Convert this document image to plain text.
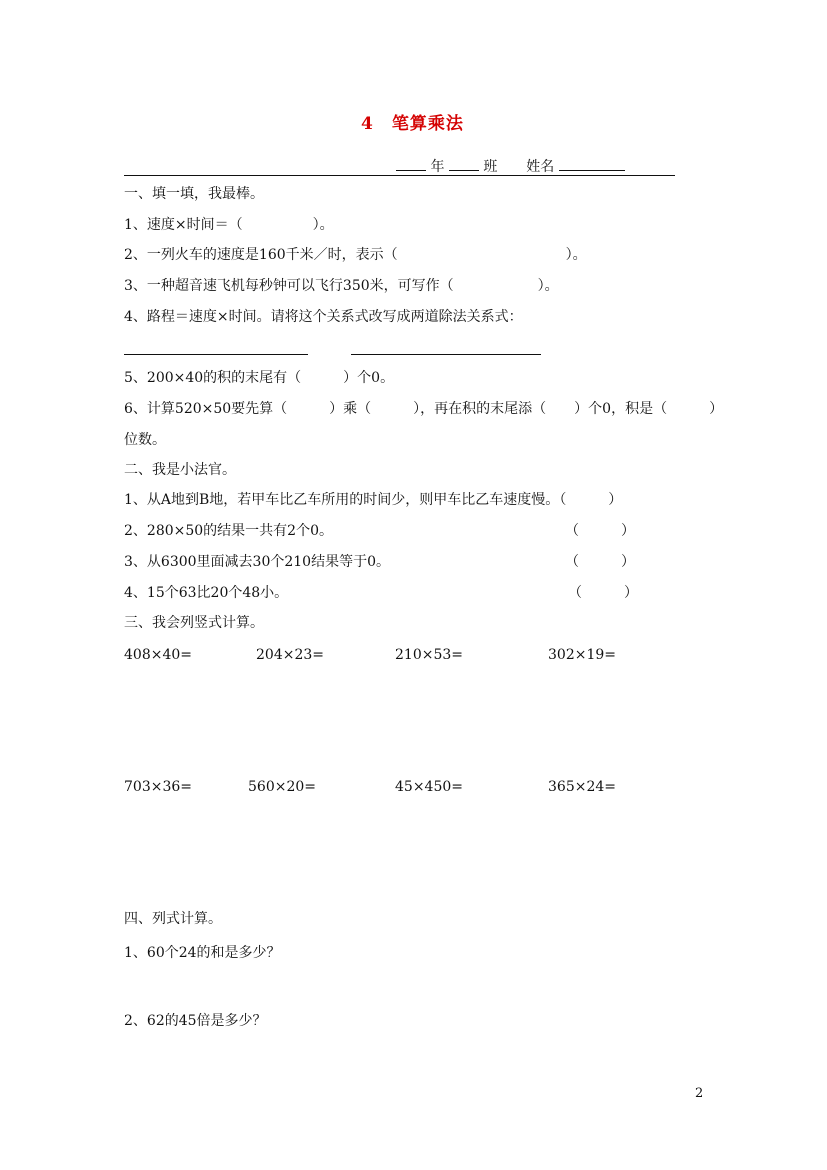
4　笔算乘法
年	班 姓名
一、填一填，我最棒。
1、速度×时间＝（　　　　　）。
2、一列火车的速度是160千米／时，表示（　　　　　　　　　　　　）。
3、一种超音速飞机每秒钟可以飞行350米，可写作（　　　　　　）。
4、路程＝速度×时间。请将这个关系式改写成两道除法关系式：
5、200×40的积的末尾有（　　　）个0。
6、计算520×50要先算（　　　）乘（　　　），再在积的末尾添（　　）个0，积是（　　　）
位数。
二、我是小法官。
1、从A地到B地，若甲车比乙车所用的时间少，则甲车比乙车速度慢。（　　　）
2、280×50的结果一共有2个0。	（　　　）
3、从6300里面减去30个210结果等于0。	（　　　）
4、15个63比20个48小。	（　　　）
三、我会列竖式计算。
408×40=	204×23=	210×53=	302×19=
703×36=	560×20=	45×450=	365×24=
四、列式计算。
1、60个24的和是多少？
2、62的45倍是多少？
2
